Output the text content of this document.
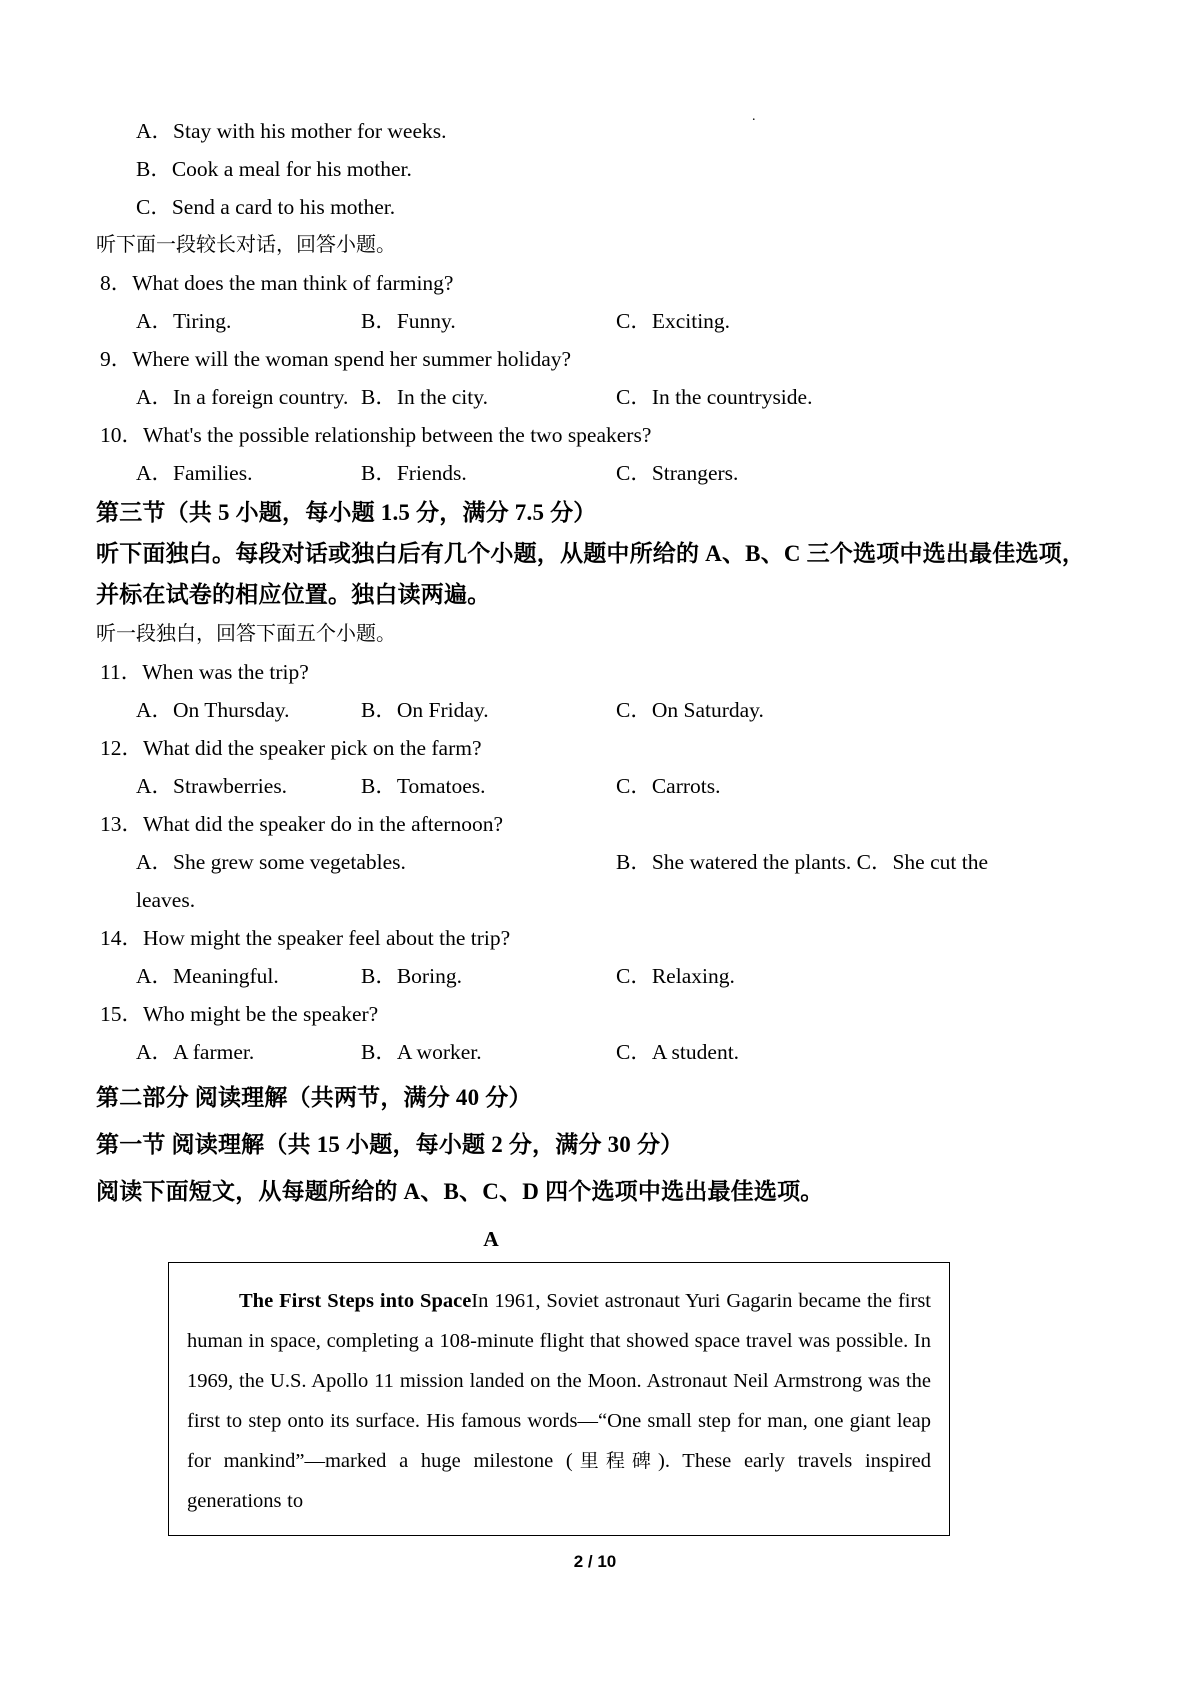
.
A．Stay with his mother for weeks.
B．Cook a meal for his mother.
C．Send a card to his mother.

听下面一段较长对话，回答小题。

8．What does the man think of farming?

A．Tiring.	B．Funny.	C．Exciting.

9．Where will the woman spend her summer holiday?

A．In a foreign country. B．In the city.	C．In the countryside.

10．What's the possible relationship between the two speakers?

A．Families.	B．Friends.	C．Strangers.

第三节（共 5 小题，每小题 1.5 分，满分 7.5 分）

听下面独白。每段对话或独白后有几个小题，从题中所给的 A、B、C 三个选项中选出最佳选项，并标在试卷的相应位置。独白读两遍。

听一段独白，回答下面五个小题。

11．When was the trip?

A．On Thursday.	B．On Friday.	C．On Saturday.

12．What did the speaker pick on the farm?

A．Strawberries.	B．Tomatoes.	C．Carrots.

13．What did the speaker do in the afternoon?

A．She grew some vegetables.	B．She watered the plants. C．She cut the
leaves.

14．How might the speaker feel about the trip?

A．Meaningful.	B．Boring.	C．Relaxing.

15．Who might be the speaker?

A．A farmer.	B．A worker.	C．A student.

第二部分 阅读理解（共两节，满分 40 分）

第一节 阅读理解（共 15 小题，每小题 2 分，满分 30 分）

阅读下面短文，从每题所给的 A、B、C、D 四个选项中选出最佳选项。

A

The First Steps into SpaceIn 1961, Soviet astronaut Yuri Gagarin became the first human in space, completing a 108-minute flight that showed space travel was possible. In 1969, the U.S. Apollo 11 mission landed on the Moon. Astronaut Neil Armstrong was the first to step onto its surface. His famous words—“One small step for man, one giant leap for mankind”—marked a huge milestone (里程碑). These early travels inspired generations to

2 / 10
